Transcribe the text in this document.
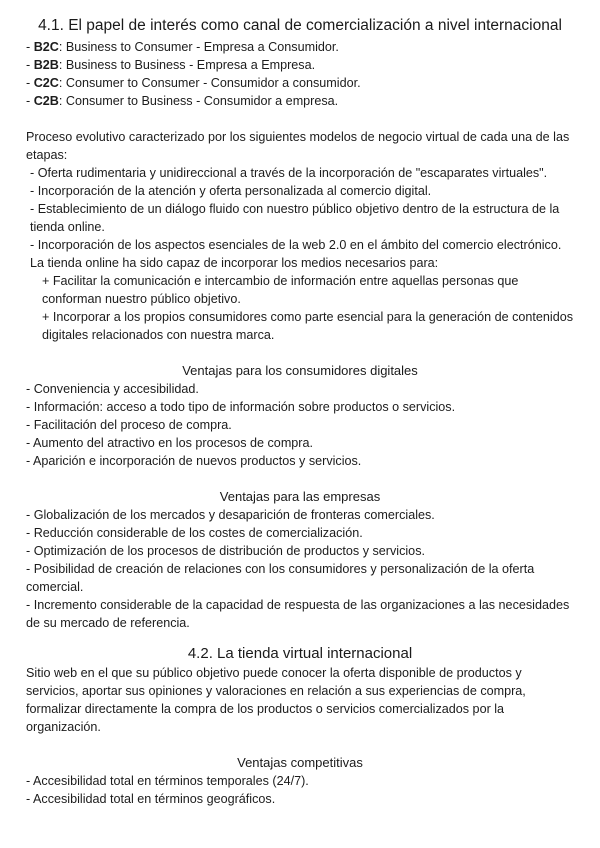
4.1. El papel de interés como canal de comercialización a nivel internacional

- B2C: Business to Consumer - Empresa a Consumidor.

- B2B: Business to Business - Empresa a Empresa.

- C2C: Consumer to Consumer - Consumidor a consumidor.

- C2B: Consumer to Business - Consumidor a empresa.

Proceso evolutivo caracterizado por los siguientes modelos de negocio virtual de cada una de las etapas:

- Oferta rudimentaria y unidireccional a través de la incorporación de "escaparates virtuales".

- Incorporación de la atención y oferta personalizada al comercio digital.

- Establecimiento de un diálogo fluido con nuestro público objetivo dentro de la estructura de la tienda online.

- Incorporación de los aspectos esenciales de la web 2.0 en el ámbito del comercio electrónico. La tienda online ha sido capaz de incorporar los medios necesarios para:

+ Facilitar la comunicación e intercambio de información entre aquellas personas que conforman nuestro público objetivo.

+ Incorporar a los propios consumidores como parte esencial para la generación de contenidos digitales relacionados con nuestra marca.

Ventajas para los consumidores digitales

- Conveniencia y accesibilidad.

- Información: acceso a todo tipo de información sobre productos o servicios.

- Facilitación del proceso de compra.

- Aumento del atractivo en los procesos de compra.

- Aparición e incorporación de nuevos productos y servicios.

Ventajas para las empresas

- Globalización de los mercados y desaparición de fronteras comerciales.

- Reducción considerable de los costes de comercialización.

- Optimización de los procesos de distribución de productos y servicios.

- Posibilidad de creación de relaciones con los consumidores y personalización de la oferta comercial.

- Incremento considerable de la capacidad de respuesta de las organizaciones a las necesidades de su mercado de referencia.

4.2. La tienda virtual internacional

Sitio web en el que su público objetivo puede conocer la oferta disponible de productos y servicios, aportar sus opiniones y valoraciones en relación a sus experiencias de compra, formalizar directamente la compra de los productos o servicios comercializados por la organización.

Ventajas competitivas

- Accesibilidad total en términos temporales (24/7).

- Accesibilidad total en términos geográficos.
